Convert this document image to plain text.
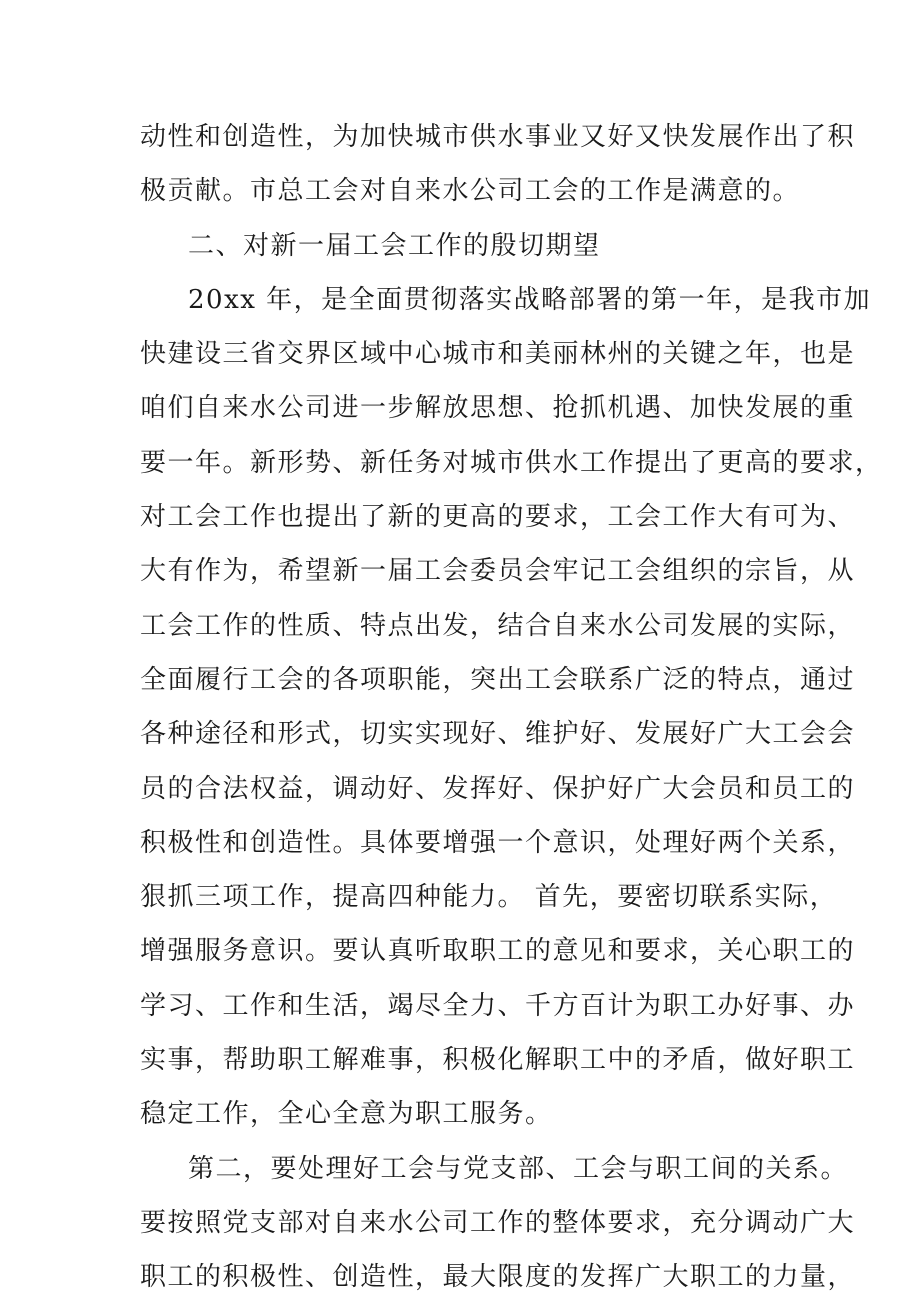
动性和创造性，为加快城市供水事业又好又快发展作出了积
极贡献。市总工会对自来水公司工会的工作是满意的。
二、对新一届工会工作的殷切期望
20xx 年，是全面贯彻落实战略部署的第一年，是我市加
快建设三省交界区域中心城市和美丽林州的关键之年，也是
咱们自来水公司进一步解放思想、抢抓机遇、加快发展的重
要一年。新形势、新任务对城市供水工作提出了更高的要求，
对工会工作也提出了新的更高的要求，工会工作大有可为、
大有作为，希望新一届工会委员会牢记工会组织的宗旨，从
工会工作的性质、特点出发，结合自来水公司发展的实际，
全面履行工会的各项职能，突出工会联系广泛的特点，通过
各种途径和形式，切实实现好、维护好、发展好广大工会会
员的合法权益，调动好、发挥好、保护好广大会员和员工的
积极性和创造性。具体要增强一个意识，处理好两个关系，
狠抓三项工作，提高四种能力。 首先，要密切联系实际，
增强服务意识。要认真听取职工的意见和要求，关心职工的
学习、工作和生活，竭尽全力、千方百计为职工办好事、办
实事，帮助职工解难事，积极化解职工中的矛盾，做好职工
稳定工作，全心全意为职工服务。
第二，要处理好工会与党支部、工会与职工间的关系。
要按照党支部对自来水公司工作的整体要求，充分调动广大
职工的积极性、创造性，最大限度的发挥广大职工的力量，
